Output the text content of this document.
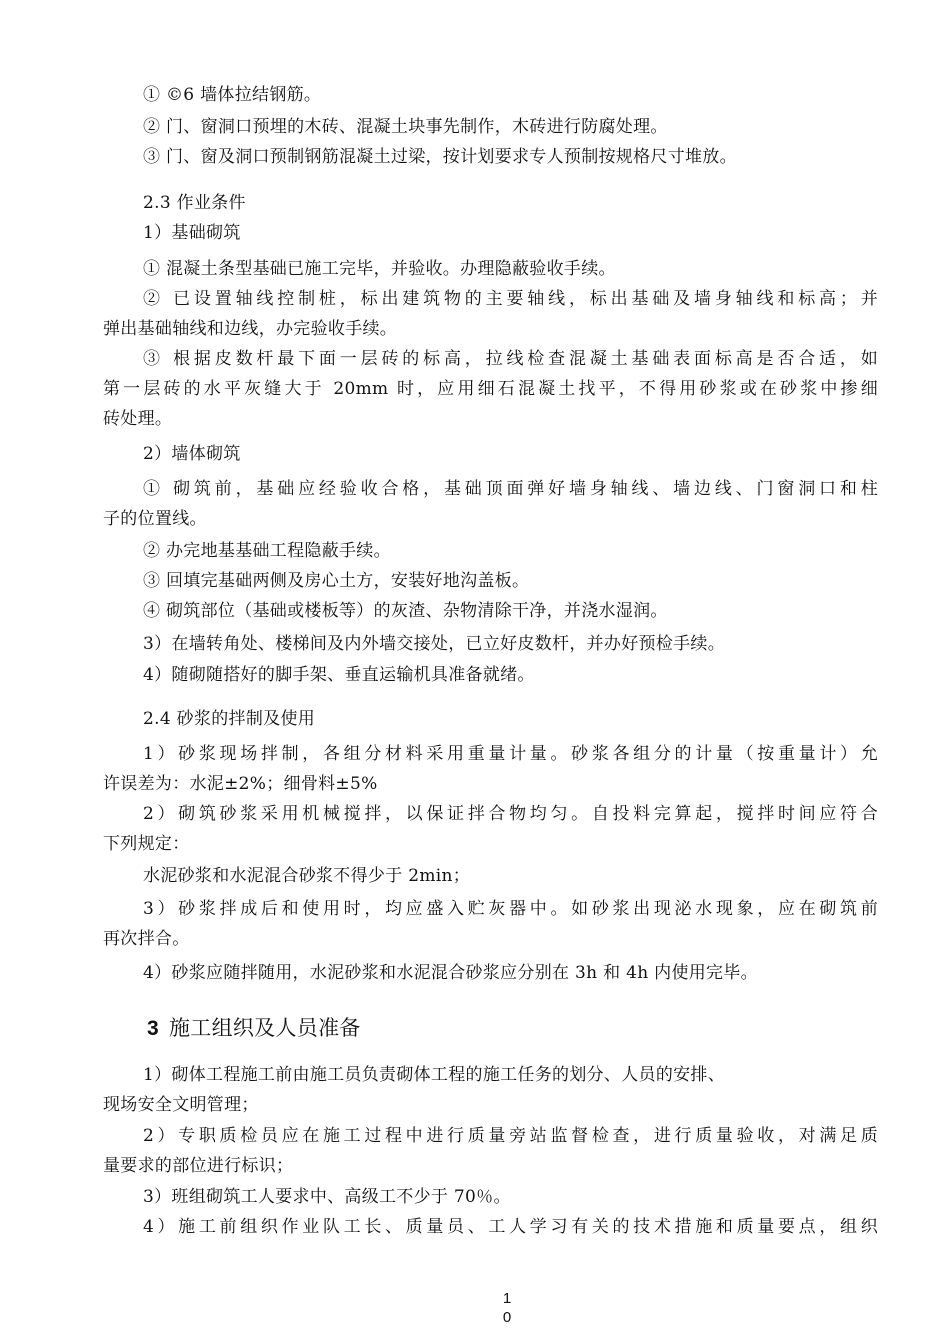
① ©6 墙体拉结钢筋。
② 门、窗洞口预埋的木砖、混凝土块事先制作，木砖进行防腐处理。
③ 门、窗及洞口预制钢筋混凝土过梁，按计划要求专人预制按规格尺寸堆放。
2.3 作业条件
1）基础砌筑
① 混凝土条型基础已施工完毕，并验收。办理隐蔽验收手续。
② 已设置轴线控制桩，标出建筑物的主要轴线，标出基础及墙身轴线和标高；并
弹出基础轴线和边线，办完验收手续。
③ 根据皮数杆最下面一层砖的标高，拉线检查混凝土基础表面标高是否合适，如
第一层砖的水平灰缝大于 20mm 时，应用细石混凝土找平，不得用砂浆或在砂浆中掺细
砖处理。
2）墙体砌筑
① 砌筑前，基础应经验收合格，基础顶面弹好墙身轴线、墙边线、门窗洞口和柱
子的位置线。
② 办完地基基础工程隐蔽手续。
③ 回填完基础两侧及房心土方，安装好地沟盖板。
④ 砌筑部位（基础或楼板等）的灰渣、杂物清除干净，并浇水湿润。
3）在墙转角处、楼梯间及内外墙交接处，已立好皮数杆，并办好预检手续。
4）随砌随搭好的脚手架、垂直运输机具准备就绪。
2.4 砂浆的拌制及使用
1）砂浆现场拌制，各组分材料采用重量计量。砂浆各组分的计量（按重量计）允
许误差为：水泥±2%；细骨料±5%
2）砌筑砂浆采用机械搅拌，以保证拌合物均匀。自投料完算起，搅拌时间应符合
下列规定：
水泥砂浆和水泥混合砂浆不得少于 2min；
3）砂浆拌成后和使用时，均应盛入贮灰器中。如砂浆出现泌水现象，应在砌筑前
再次拌合。
4）砂浆应随拌随用，水泥砂浆和水泥混合砂浆应分别在 3h 和 4h 内使用完毕。
3 施工组织及人员准备
1）砌体工程施工前由施工员负责砌体工程的施工任务的划分、人员的安排、
现场安全文明管理；
2）专职质检员应在施工过程中进行质量旁站监督检查，进行质量验收，对满足质
量要求的部位进行标识；
3）班组砌筑工人要求中、高级工不少于 70％。
4）施工前组织作业队工长、质量员、工人学习有关的技术措施和质量要点，组织
1
0
